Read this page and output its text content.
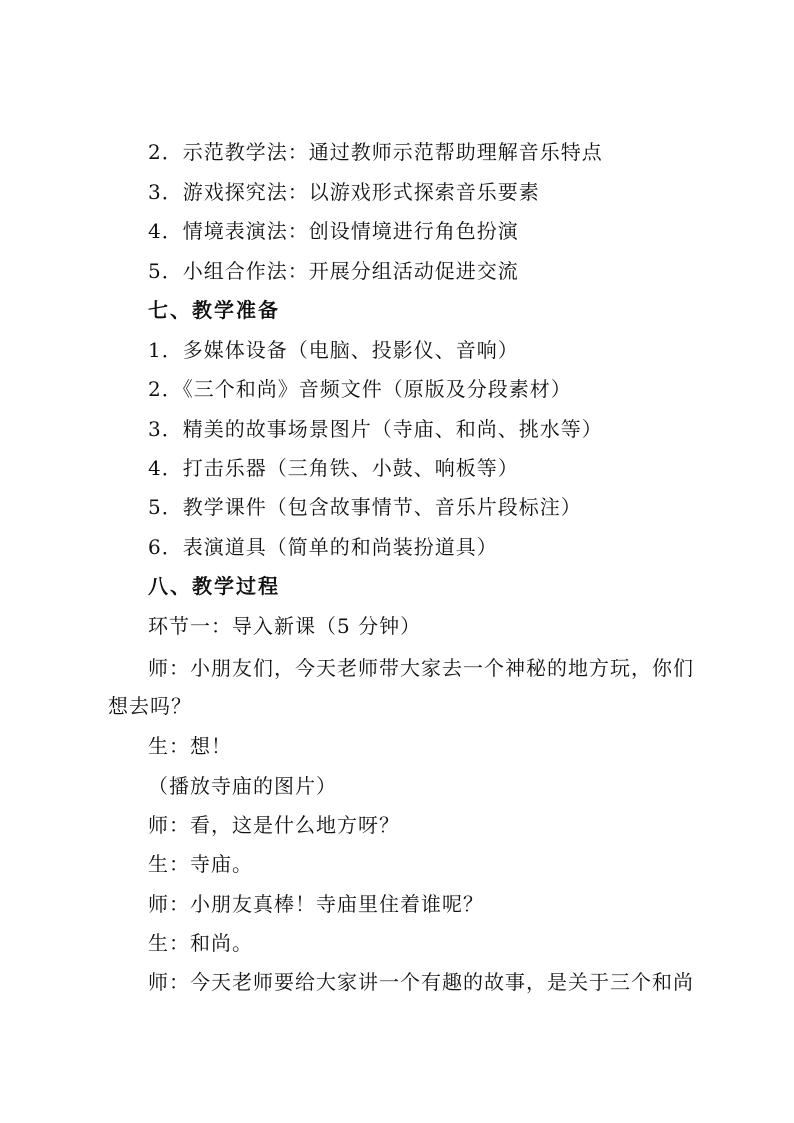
2．示范教学法：通过教师示范帮助理解音乐特点
3．游戏探究法：以游戏形式探索音乐要素
4．情境表演法：创设情境进行角色扮演
5．小组合作法：开展分组活动促进交流
七、教学准备
1．多媒体设备（电脑、投影仪、音响）
2．《三个和尚》音频文件（原版及分段素材）
3．精美的故事场景图片（寺庙、和尚、挑水等）
4．打击乐器（三角铁、小鼓、响板等）
5．教学课件（包含故事情节、音乐片段标注）
6．表演道具（简单的和尚装扮道具）
八、教学过程
环节一：导入新课（5 分钟）
师：小朋友们，今天老师带大家去一个神秘的地方玩，你们
想去吗？
生：想！
（播放寺庙的图片）
师：看，这是什么地方呀？
生：寺庙。
师：小朋友真棒！寺庙里住着谁呢？
生：和尚。
师：今天老师要给大家讲一个有趣的故事，是关于三个和尚
